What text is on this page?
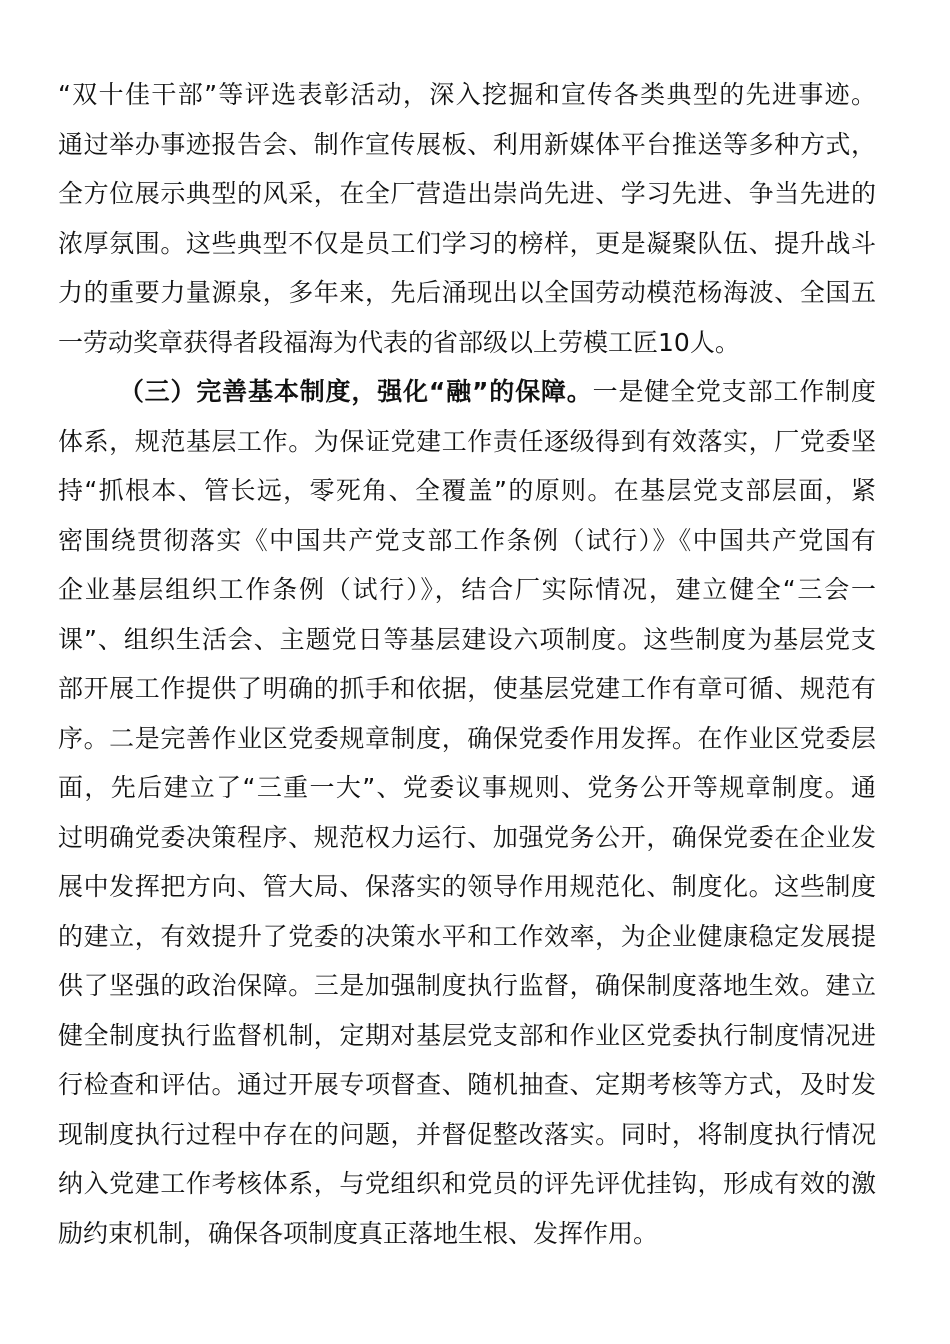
“双十佳干部”等评选表彰活动，深入挖掘和宣传各类典型的先进事迹。
通过举办事迹报告会、制作宣传展板、利用新媒体平台推送等多种方式，
全方位展示典型的风采，在全厂营造出崇尚先进、学习先进、争当先进的
浓厚氛围。这些典型不仅是员工们学习的榜样，更是凝聚队伍、提升战斗
力的重要力量源泉，多年来，先后涌现出以全国劳动模范杨海波、全国五
一劳动奖章获得者段福海为代表的省部级以上劳模工匠10人。
（三）完善基本制度，强化“融”的保障。一是健全党支部工作制度
体系，规范基层工作。为保证党建工作责任逐级得到有效落实，厂党委坚
持“抓根本、管长远，零死角、全覆盖”的原则。在基层党支部层面，紧
密围绕贯彻落实《中国共产党支部工作条例（试行）》《中国共产党国有
企业基层组织工作条例（试行）》，结合厂实际情况，建立健全“三会一
课”、组织生活会、主题党日等基层建设六项制度。这些制度为基层党支
部开展工作提供了明确的抓手和依据，使基层党建工作有章可循、规范有
序。二是完善作业区党委规章制度，确保党委作用发挥。在作业区党委层
面，先后建立了“三重一大”、党委议事规则、党务公开等规章制度。通
过明确党委决策程序、规范权力运行、加强党务公开，确保党委在企业发
展中发挥把方向、管大局、保落实的领导作用规范化、制度化。这些制度
的建立，有效提升了党委的决策水平和工作效率，为企业健康稳定发展提
供了坚强的政治保障。三是加强制度执行监督，确保制度落地生效。建立
健全制度执行监督机制，定期对基层党支部和作业区党委执行制度情况进
行检查和评估。通过开展专项督查、随机抽查、定期考核等方式，及时发
现制度执行过程中存在的问题，并督促整改落实。同时，将制度执行情况
纳入党建工作考核体系，与党组织和党员的评先评优挂钩，形成有效的激
励约束机制，确保各项制度真正落地生根、发挥作用。
